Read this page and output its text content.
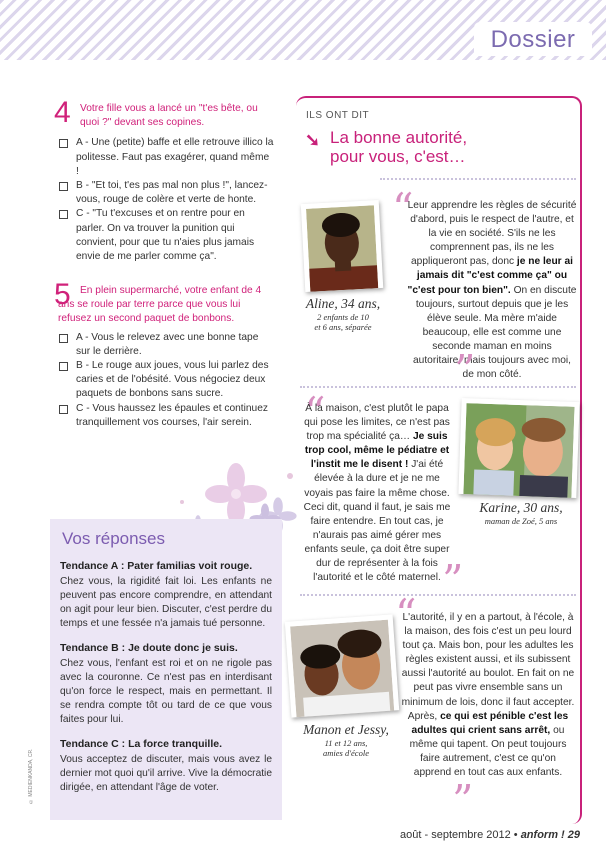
Dossier
4 Votre fille vous a lancé un "t'es bête, ou quoi ?" devant ses copines.
A - Une (petite) baffe et elle retrouve illico la politesse. Faut pas exagérer, quand même !
B - "Et toi, t'es pas mal non plus !", lancez-vous, rouge de colère et verte de honte.
C - "Tu t'excuses et on rentre pour en parler. On va trouver la punition qui convient, pour que tu n'aies plus jamais envie de me parler comme ça".
5 En plein supermarché, votre enfant de 4 ans se roule par terre parce que vous lui refusez un second paquet de bonbons.
A - Vous le relevez avec une bonne tape sur le derrière.
B - Le rouge aux joues, vous lui parlez des caries et de l'obésité. Vous négociez deux paquets de bonbons sans sucre.
C - Vous haussez les épaules et continuez tranquillement vos courses, l'air serein.
Vos réponses
Tendance A : Pater familias voit rouge.

Chez vous, la rigidité fait loi. Les enfants ne peuvent pas encore comprendre, en attendant on agit pour leur bien. Discuter, c'est perdre du temps et une fessée n'a jamais tué personne.

Tendance B : Je doute donc je suis.

Chez vous, l'enfant est roi et on ne rigole pas avec la couronne. Ce n'est pas en interdisant qu'on force le respect, mais en permettant. Il se rendra compte tôt ou tard de ce que vous faites pour lui.

Tendance C : La force tranquille.

Vous acceptez de discuter, mais vous avez le dernier mot quoi qu'il arrive. Vive la démocratie dirigée, en attendant l'âge de voter.

© MEDIENKANDA, CR.
ILS ONT DIT
➘ La bonne autorité,
pour vous, c'est…
Aline, 34 ans,
2 enfants de 10
et 6 ans, séparée
“
Leur apprendre les règles de sécurité d'abord, puis le respect de l'autre, et la vie en société. S'ils ne les comprennent pas, ils ne les appliqueront pas, donc je ne leur ai jamais dit "c'est comme ça" ou "c'est pour ton bien". On en discute toujours, surtout depuis que je les élève seule. Ma mère m'aide beaucoup, elle est comme une seconde maman en moins autoritaire, mais toujours avec moi, de mon côté.
”
“
À la maison, c'est plutôt le papa qui pose les limites, ce n'est pas trop ma spécialité ça… Je suis trop cool, même le pédiatre et l'instit me le disent ! J'ai été élevée à la dure et je ne me voyais pas faire la même chose. Ceci dit, quand il faut, je sais me faire entendre. En tout cas, je n'aurais pas aimé gérer mes enfants seule, ça doit être super dur de représenter à la fois l'autorité et le côté maternel. ”
Karine, 30 ans,
maman de Zoé, 5 ans
Manon et Jessy,
11 et 12 ans,
amies d'école
“
L'autorité, il y en a partout, à l'école, à la maison, des fois c'est un peu lourd tout ça. Mais bon, pour les adultes les règles existent aussi, et ils subissent aussi l'autorité au boulot. En fait on ne peut pas vivre ensemble sans un minimum de lois, donc il faut accepter. Après, ce qui est pénible c'est les adultes qui crient sans arrêt, ou même qui tapent. On peut toujours faire autrement, c'est ce qu'on apprend en tout cas aux enfants.
”
août - septembre 2012 • anform ! 29
